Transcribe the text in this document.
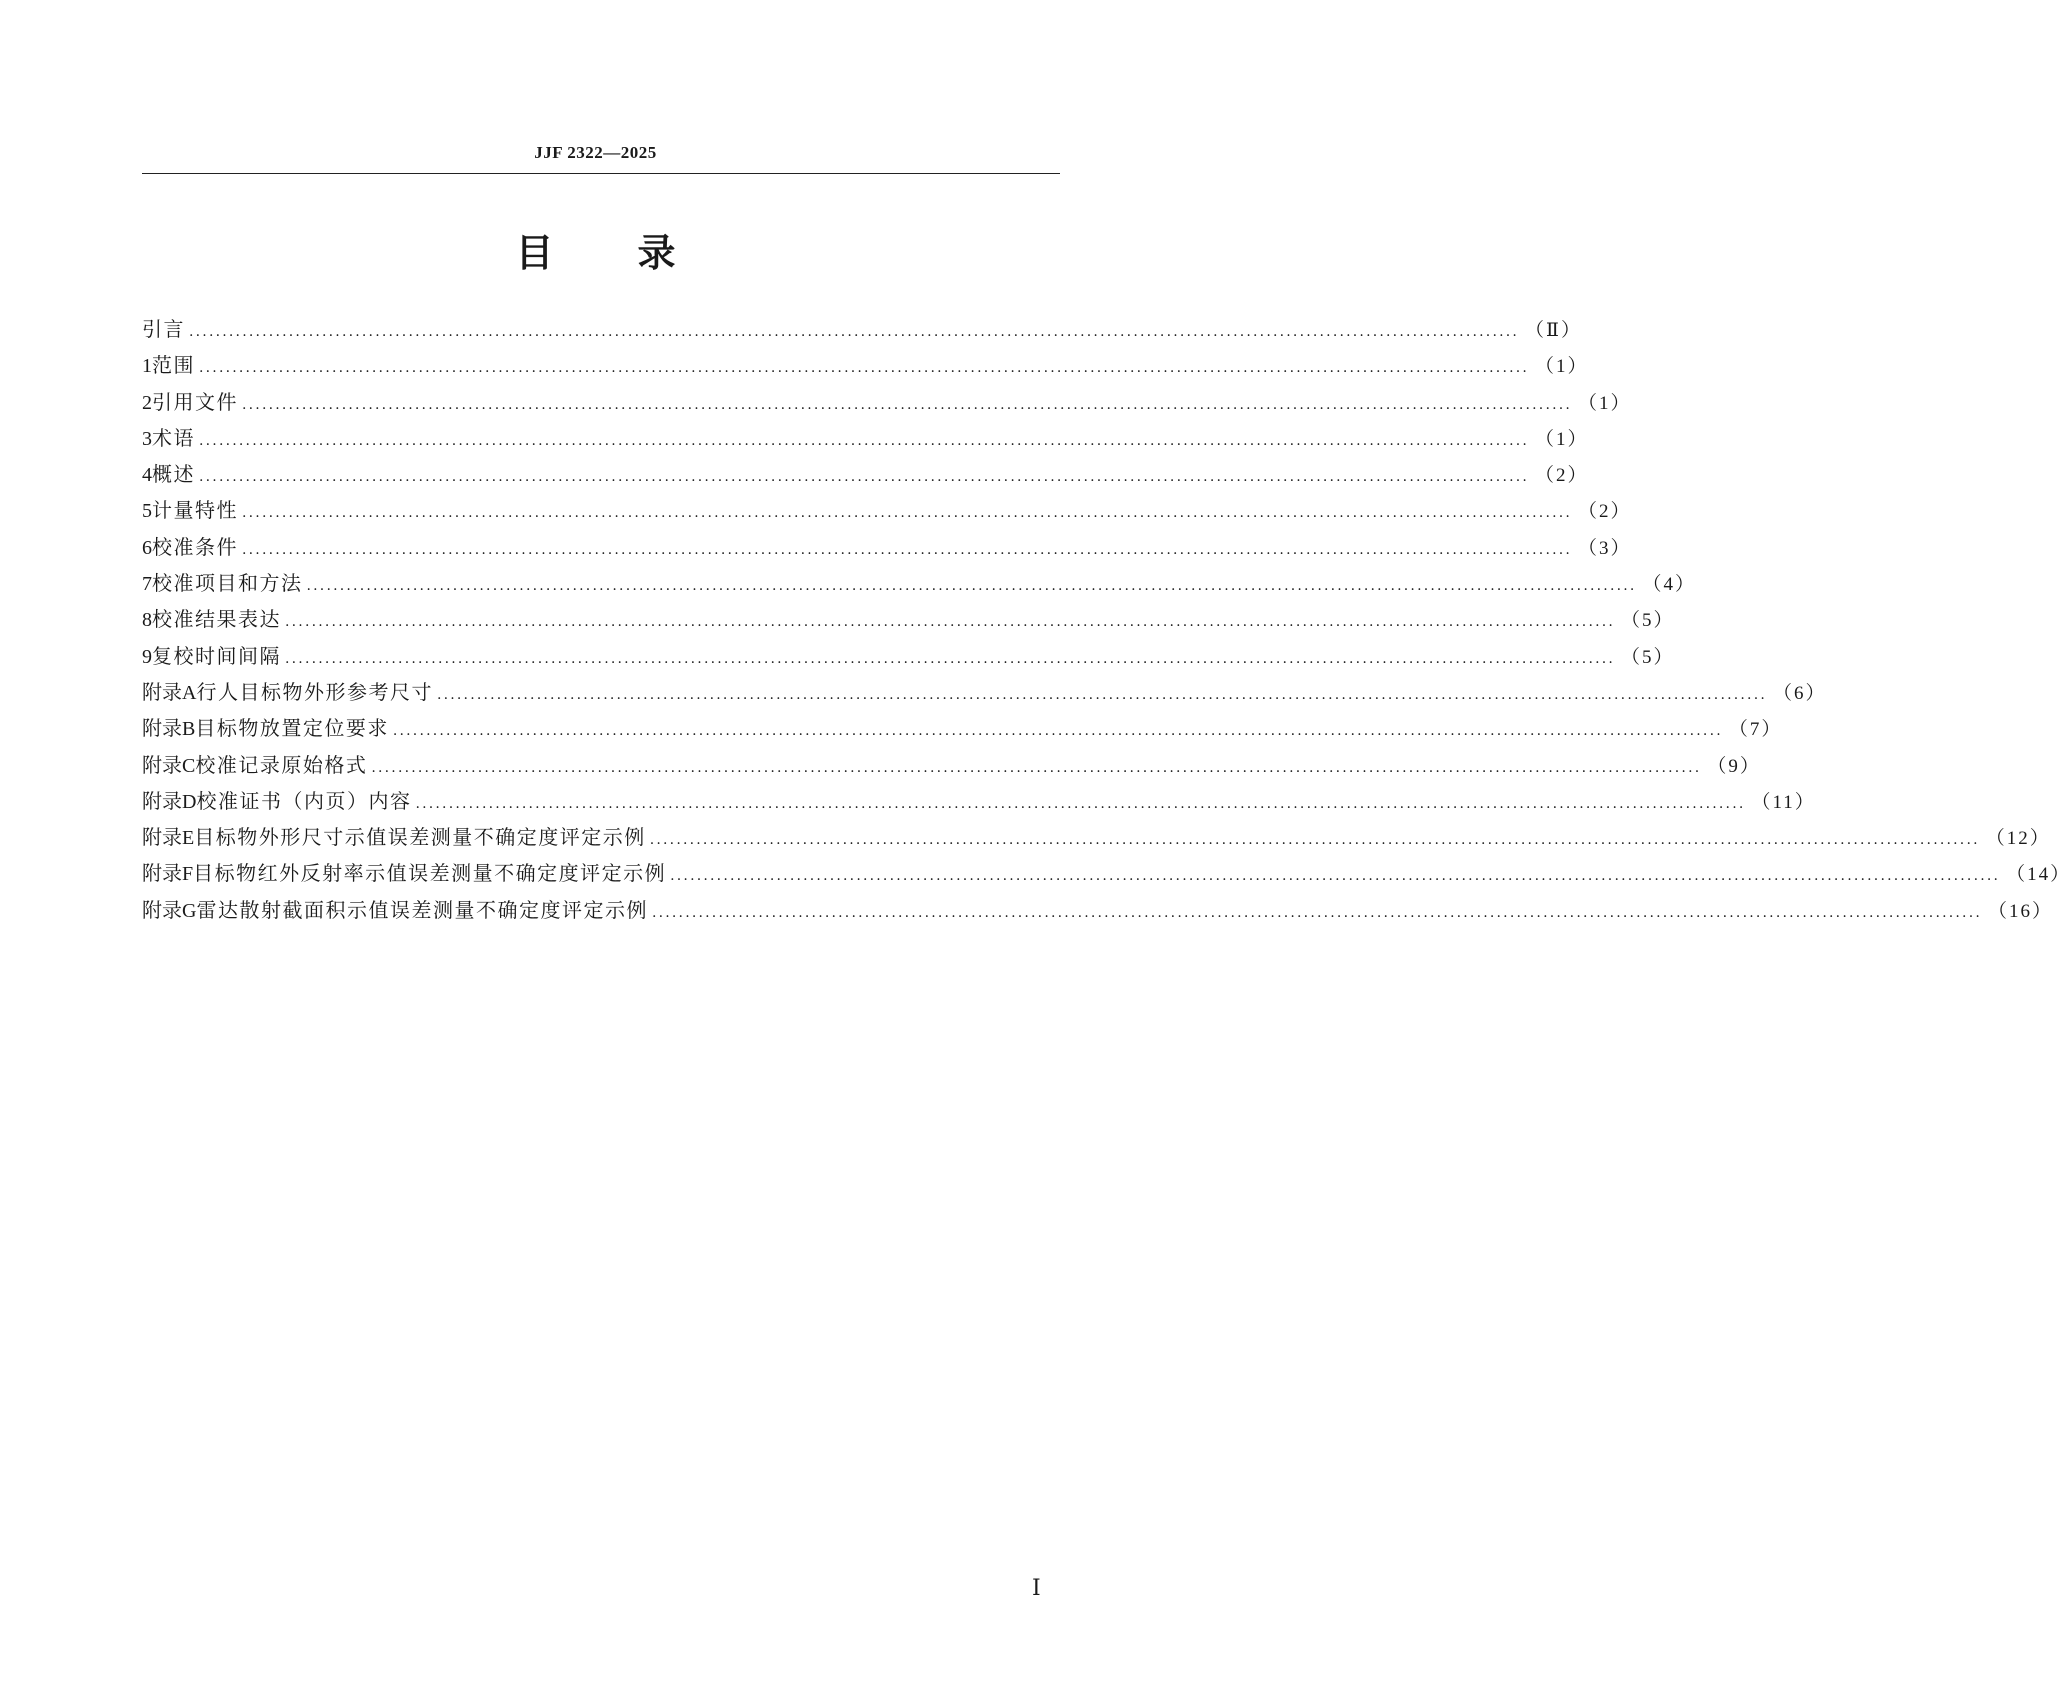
JJF 2322—2025
目 录
引言 ........................................................................................................................................................................................................ （Ⅱ）
1 范围 ........................................................................................................................................................................................................ （1）
2 引用文件 ........................................................................................................................................................................................................ （1）
3 术语 ........................................................................................................................................................................................................ （1）
4 概述 ........................................................................................................................................................................................................ （2）
5 计量特性 ........................................................................................................................................................................................................ （2）
6 校准条件 ........................................................................................................................................................................................................ （3）
7 校准项目和方法 ........................................................................................................................................................................................................ （4）
8 校准结果表达 ........................................................................................................................................................................................................ （5）
9 复校时间间隔 ........................................................................................................................................................................................................ （5）
附录A 行人目标物外形参考尺寸 ........................................................................................................................................................................................................ （6）
附录B 目标物放置定位要求 ........................................................................................................................................................................................................ （7）
附录C 校准记录原始格式 ........................................................................................................................................................................................................ （9）
附录D 校准证书（内页）内容 ........................................................................................................................................................................................................ （11）
附录E 目标物外形尺寸示值误差测量不确定度评定示例 ........................................................................................................................................................................................................ （12）
附录F 目标物红外反射率示值误差测量不确定度评定示例 ........................................................................................................................................................................................................ （14）
附录G 雷达散射截面积示值误差测量不确定度评定示例 ........................................................................................................................................................................................................ （16）
Ⅰ
